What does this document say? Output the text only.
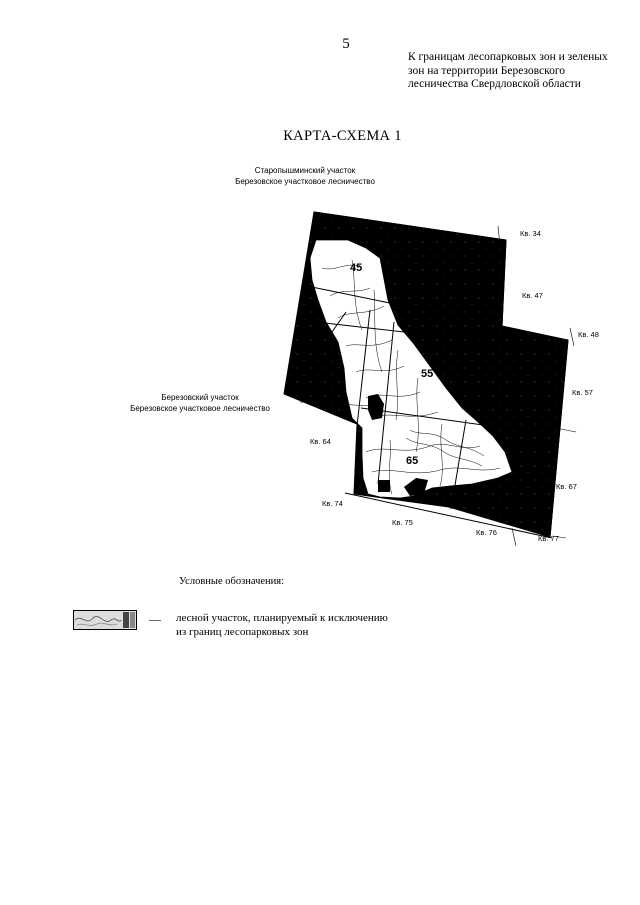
5
К границам лесопарковых зон и зеленых
зон на территории Березовского
лесничества Свердловской области
КАРТА-СХЕМА 1
Старопышминский участок
Березовское участковое лесничество
Березовский участок
Березовское участковое лесничество
Кв. 34
Кв. 47
Кв. 48
Кв. 57
Кв. 64
Кв. 67
Кв. 74
Кв. 75
Кв. 76
Кв. 77
45
55
65
Условные обозначения:
— лесной участок, планируемый к исключению
из границ лесопарковых зон
